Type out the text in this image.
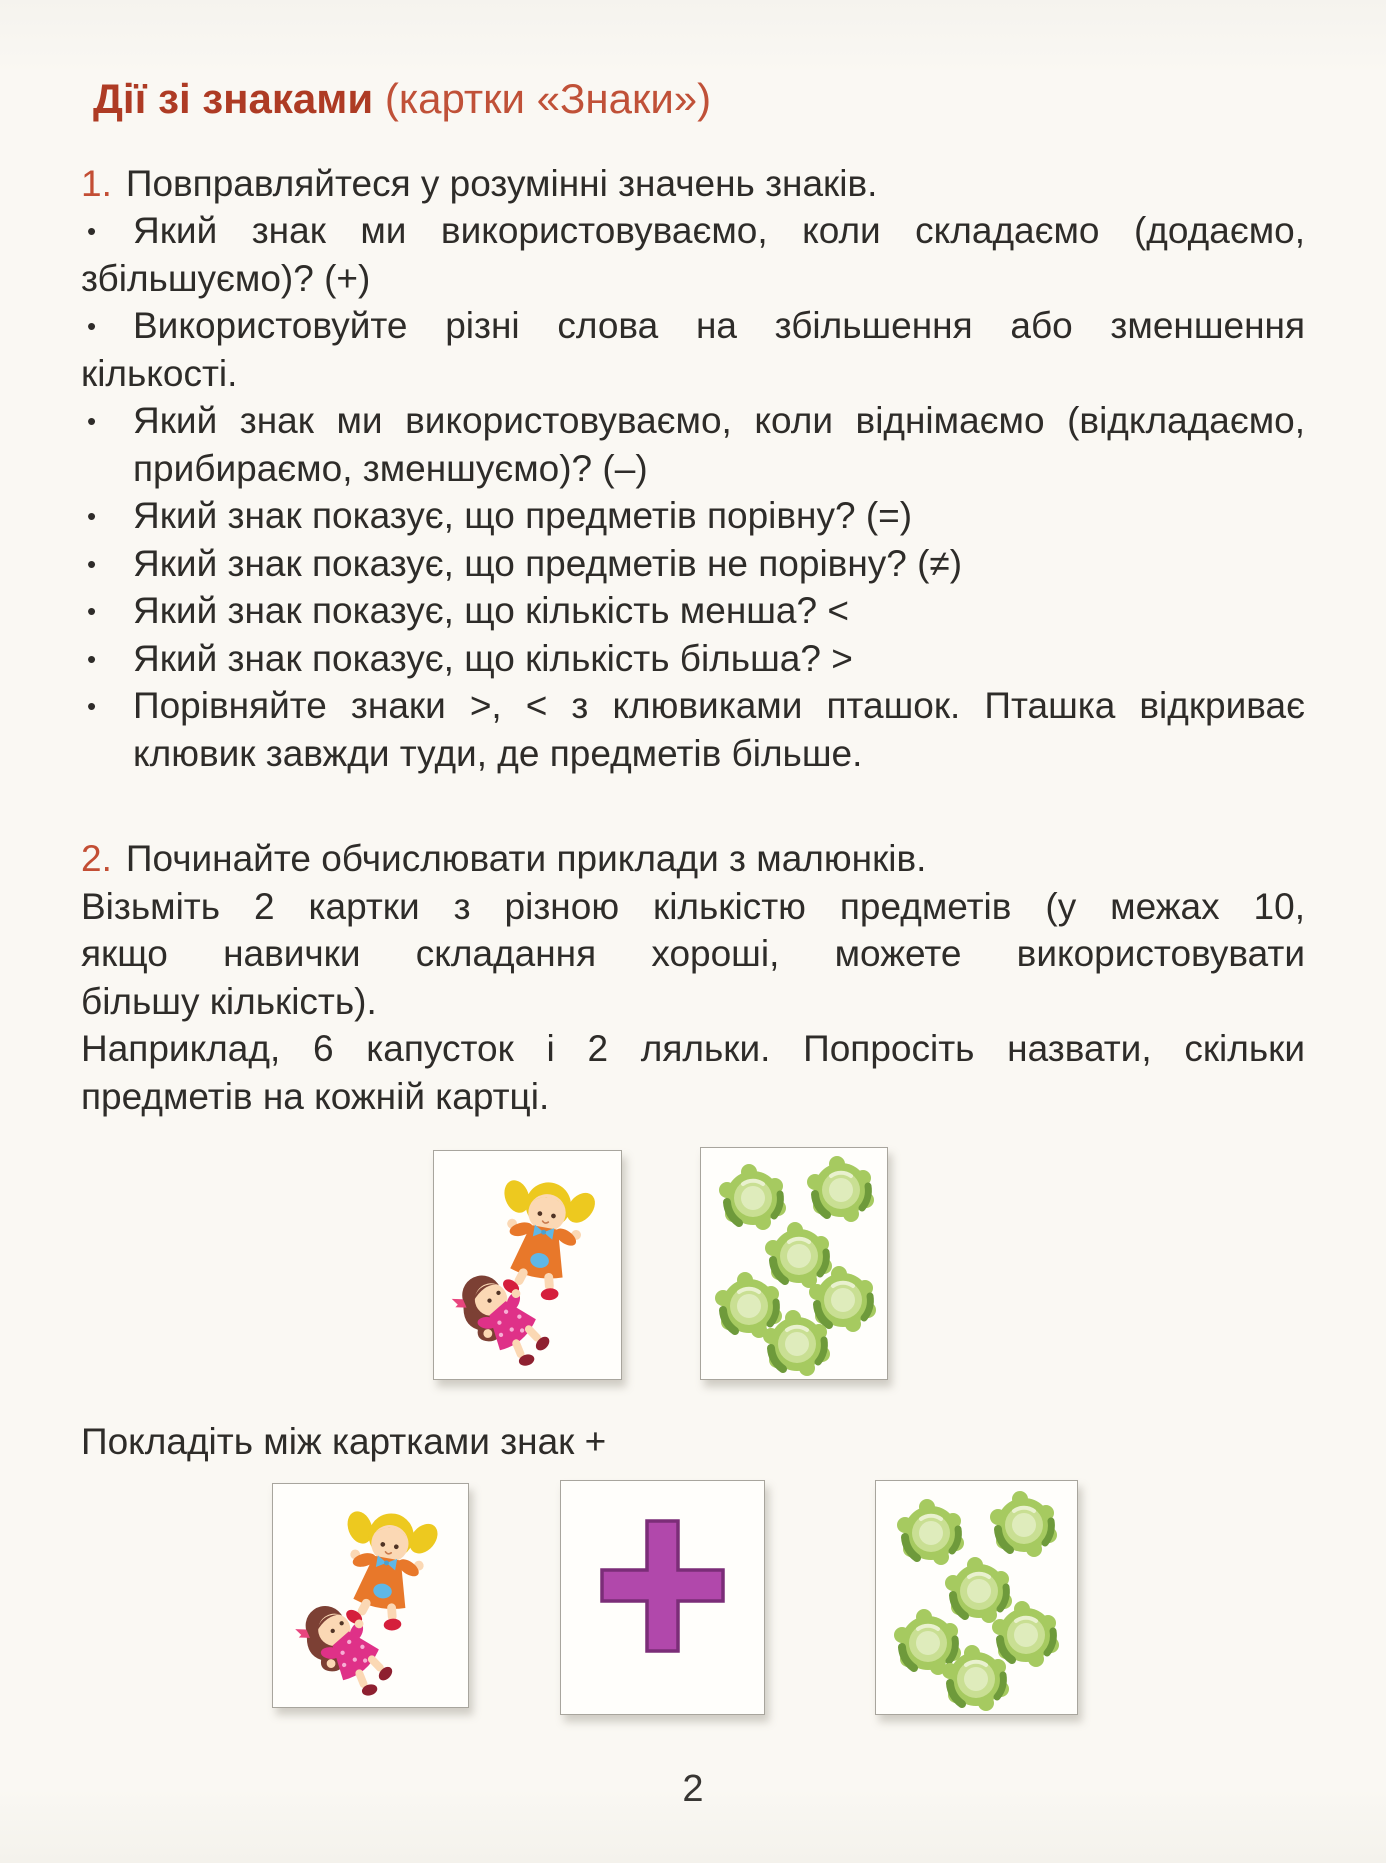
Дії зі знаками (картки «Знаки»)
1. Повправляйтеся у розумінні значень знаків.
• Який знак ми використовуваємо, коли складаємо (додаємо,
збільшуємо)? (+)
• Використовуйте різні слова на збільшення або зменшення
кількості.
• Який знак ми використовуваємо, коли віднімаємо (відкладаємо,
прибираємо, зменшуємо)? (–)
• Який знак показує, що предметів порівну? (=)
• Який знак показує, що предметів не порівну? (≠)
• Який знак показує, що кількість менша? <
• Який знак показує, що кількість більша? >
• Порівняйте знаки >, < з клювиками пташок. Пташка відкриває
клювик завжди туди, де предметів більше.
2. Починайте обчислювати приклади з малюнків.
Візьміть 2 картки з різною кількістю предметів (у межах 10,
якщо навички складання хороші, можете використовувати
більшу кількість).
Наприклад, 6 капусток і 2 ляльки. Попросіть назвати, скільки
предметів на кожній картці.
Покладіть між картками знак +
2
